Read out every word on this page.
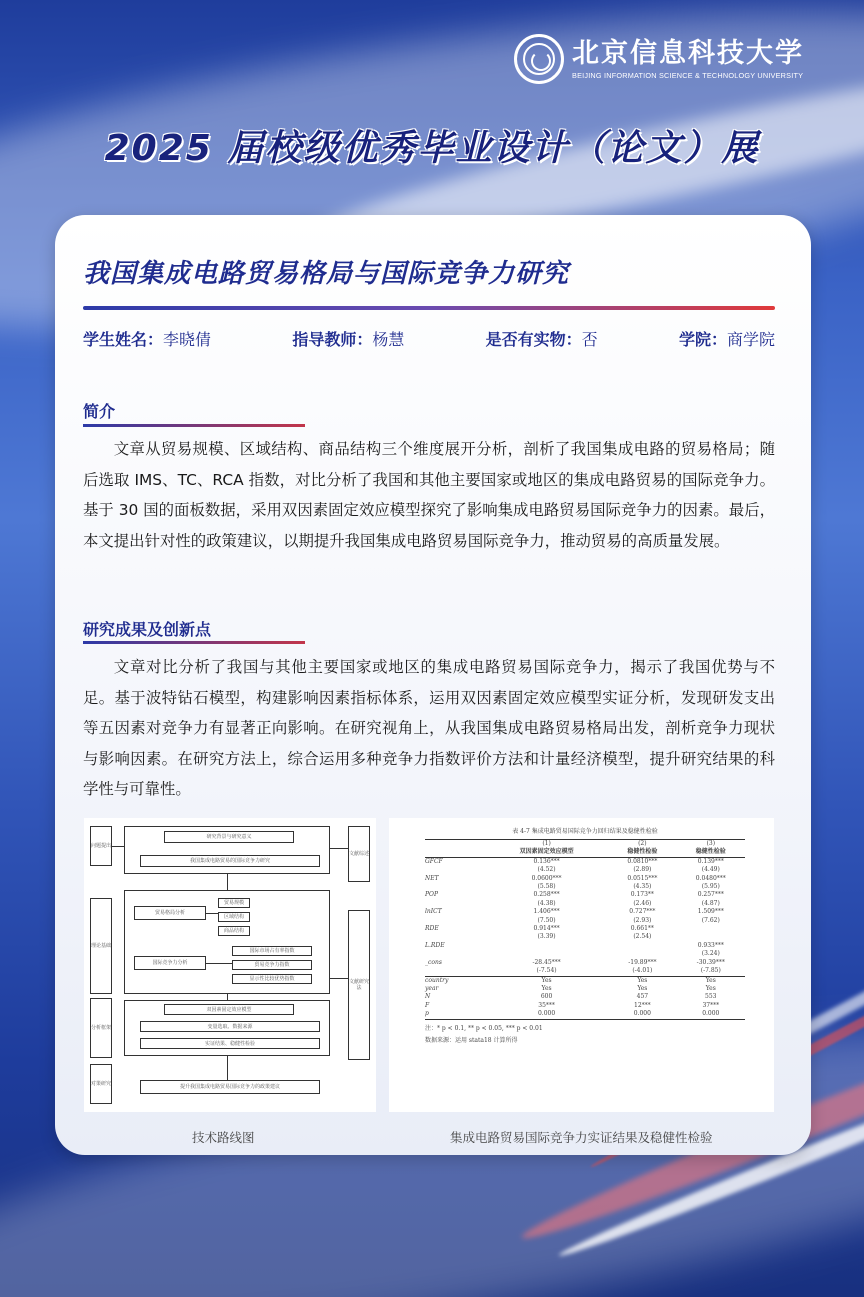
北京信息科技大学
BEIJING INFORMATION SCIENCE & TECHNOLOGY UNIVERSITY
2025 届校级优秀毕业设计（论文）展
我国集成电路贸易格局与国际竞争力研究
学生姓名：李晓倩	指导教师：杨慧	是否有实物：否	学院：商学院
简介
文章从贸易规模、区域结构、商品结构三个维度展开分析，剖析了我国集成电路的贸易格局；随后选取 IMS、TC、RCA 指数，对比分析了我国和其他主要国家或地区的集成电路贸易的国际竞争力。基于 30 国的面板数据，采用双因素固定效应模型探究了影响集成电路贸易国际竞争力的因素。最后，本文提出针对性的政策建议，以期提升我国集成电路贸易国际竞争力，推动贸易的高质量发展。
研究成果及创新点
文章对比分析了我国与其他主要国家或地区的集成电路贸易国际竞争力，揭示了我国优势与不足。基于波特钻石模型，构建影响因素指标体系，运用双因素固定效应模型实证分析，发现研发支出等五因素对竞争力有显著正向影响。在研究视角上，从我国集成电路贸易格局出发，剖析竞争力现状与影响因素。在研究方法上，综合运用多种竞争力指数评价方法和计量经济模型，提升研究结果的科学性与可靠性。
问题提出
理论基础
分析框架
对策研究
文献综述
文献研究法
研究背景与研究意义
我国集成电路贸易的国际竞争力研究
贸易格局分析
贸易规模
区域结构
商品结构
国际竞争力分析
国际市场占有率指数
贸易竞争力指数
显示性比较优势指数
双因素固定效应模型
变量选取、数据来源
实证结果、稳健性检验
提升我国集成电路贸易国际竞争力的政策建议
表 4-7 集成电路贸易国际竞争力回归结果及稳健性检验
	(1)	(2)	(3)
	双因素固定效应模型	稳健性检验	稳健性检验
GFCF	0.136***	0.0810***	0.139***
	(4.52)	(2.89)	(4.49)
NET	0.0600***	0.0515***	0.0480***
	(5.58)	(4.35)	(5.95)
POP	0.258***	0.173**	0.257***
	(4.38)	(2.46)	(4.87)
lnICT	1.406***	0.727***	1.509***
	(7.50)	(2.93)	(7.62)
RDE	0.914***	0.661**	
	(3.39)	(2.54)	
L.RDE			0.933***
			(3.24)
_cons	-28.45***	-19.89***	-30.39***
	(-7.54)	(-4.01)	(-7.85)
country	Yes	Yes	Yes
year	Yes	Yes	Yes
N	600	457	553
F	35***	12***	37***
p	0.000	0.000	0.000
注：* p < 0.1, ** p < 0.05, *** p < 0.01
数据来源：运用 stata18 计算所得
技术路线图	集成电路贸易国际竞争力实证结果及稳健性检验
